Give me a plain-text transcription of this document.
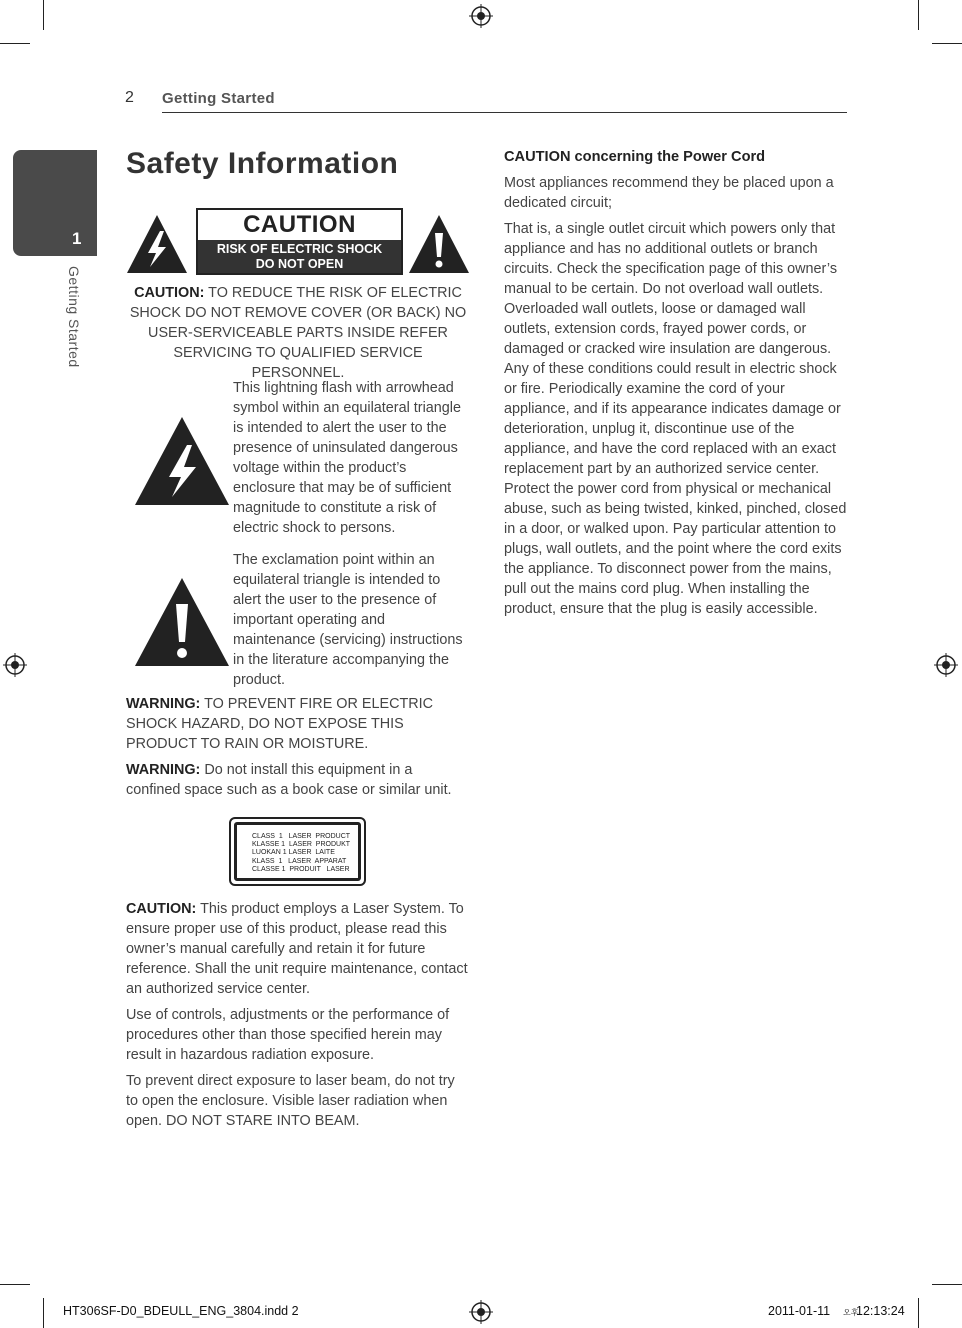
2 Getting Started
1
Getting Started
Safety Information
CAUTION
RISK OF ELECTRIC SHOCK
DO NOT OPEN

CAUTION: TO REDUCE THE RISK OF ELECTRIC SHOCK DO NOT REMOVE COVER (OR BACK) NO USER-SERVICEABLE PARTS INSIDE REFER SERVICING TO QUALIFIED SERVICE PERSONNEL.

This lightning flash with arrowhead symbol within an equilateral triangle is intended to alert the user to the presence of uninsulated dangerous voltage within the product’s enclosure that may be of sufficient magnitude to constitute a risk of electric shock to persons.

The exclamation point within an equilateral triangle is intended to alert the user to the presence of important operating and maintenance (servicing) instructions in the literature accompanying the product.

WARNING: TO PREVENT FIRE OR ELECTRIC SHOCK HAZARD, DO NOT EXPOSE THIS PRODUCT TO RAIN OR MOISTURE.

WARNING: Do not install this equipment in a confined space such as a book case or similar unit.

CLASS  1   LASER  PRODUCT
KLASSE 1  LASER  PRODUKT
LUOKAN 1 LASER  LAITE
KLASS  1   LASER  APPARAT
CLASSE 1  PRODUIT   LASER

CAUTION: This product employs a Laser System. To ensure proper use of this product, please read this owner’s manual carefully and retain it for future reference. Shall the unit require maintenance, contact an authorized service center.

Use of controls, adjustments or the performance of procedures other than those specified herein may result in hazardous radiation exposure.

To prevent direct exposure to laser beam, do not try to open the enclosure. Visible laser radiation when open. DO NOT STARE INTO BEAM.

CAUTION concerning the Power Cord

Most appliances recommend they be placed upon a dedicated circuit;

That is, a single outlet circuit which powers only that appliance and has no additional outlets or branch circuits. Check the specification page of this owner’s manual to be certain. Do not overload wall outlets. Overloaded wall outlets, loose or damaged wall outlets, extension cords, frayed power cords, or damaged or cracked wire insulation are dangerous. Any of these conditions could result in electric shock or fire. Periodically examine the cord of your appliance, and if its appearance indicates damage or deterioration, unplug it, discontinue use of the appliance, and have the cord replaced with an exact replacement part by an authorized service center. Protect the power cord from physical or mechanical abuse, such as being twisted, kinked, pinched, closed in a door, or walked upon. Pay particular attention to plugs, wall outlets, and the point where the cord exits the appliance. To disconnect power from the mains, pull out the mains cord plug. When installing the product, ensure that the plug is easily accessible.

HT306SF-D0_BDEULL_ENG_3804.indd 2	2011-01-11 오후
12:13:24
